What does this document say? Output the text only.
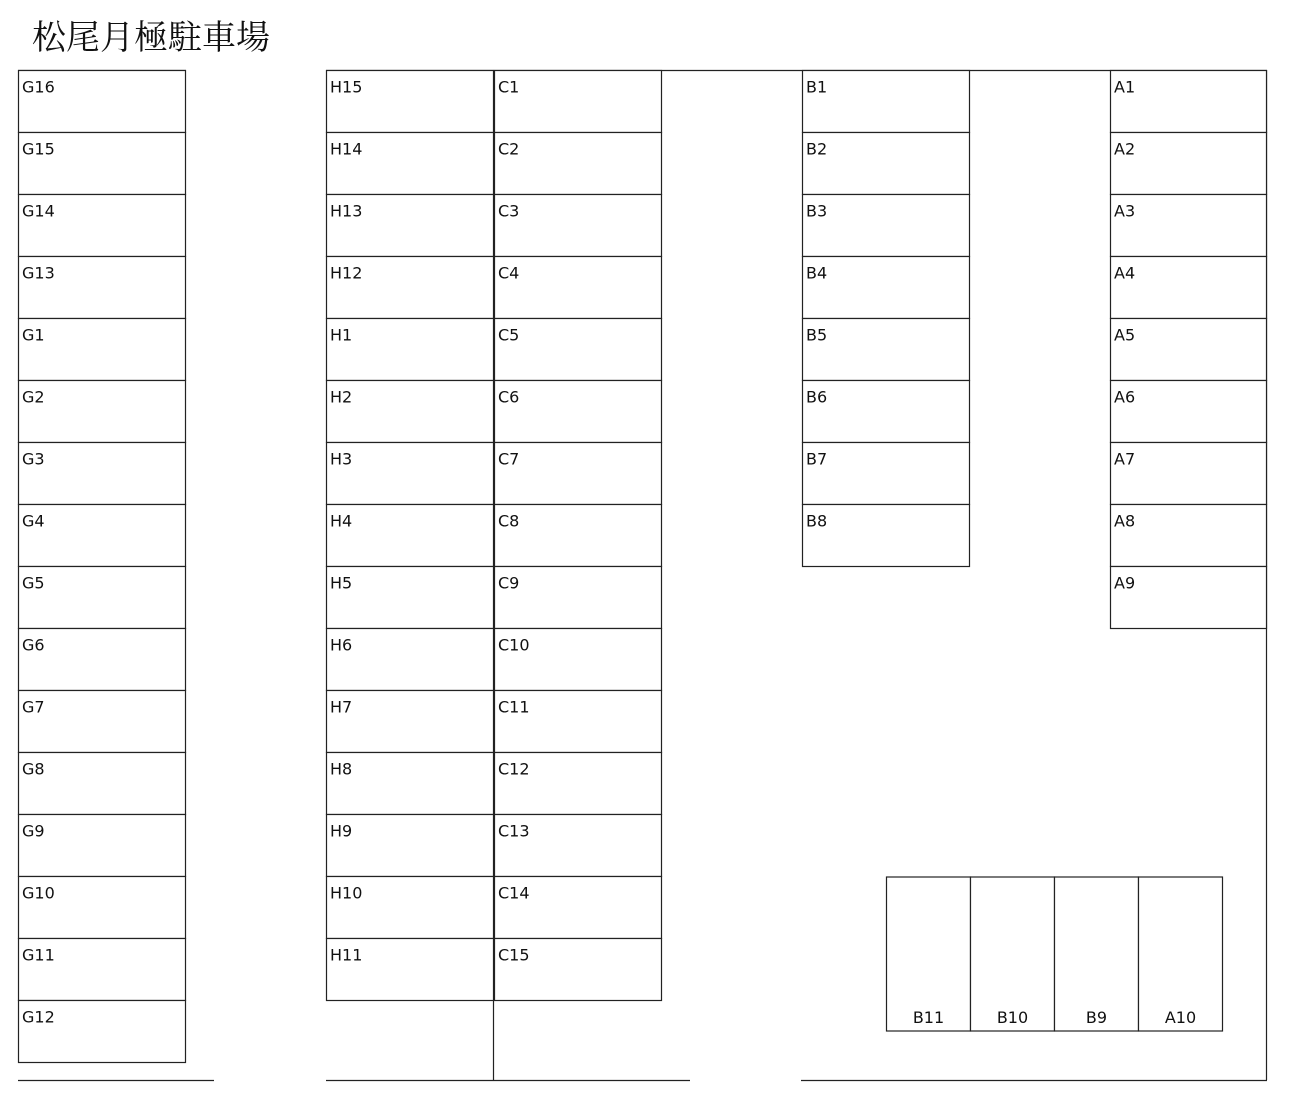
松尾月極駐車場
G16
G15
G14
G13
G1
G2
G3
G4
G5
G6
G7
G8
G9
G10
G11
G12
H15
H14
H13
H12
H1
H2
H3
H4
H5
H6
H7
H8
H9
H10
H11
C1
C2
C3
C4
C5
C6
C7
C8
C9
C10
C11
C12
C13
C14
C15
B1
B2
B3
B4
B5
B6
B7
B8
A1
A2
A3
A4
A5
A6
A7
A8
A9
B11	B10	B9	A10
